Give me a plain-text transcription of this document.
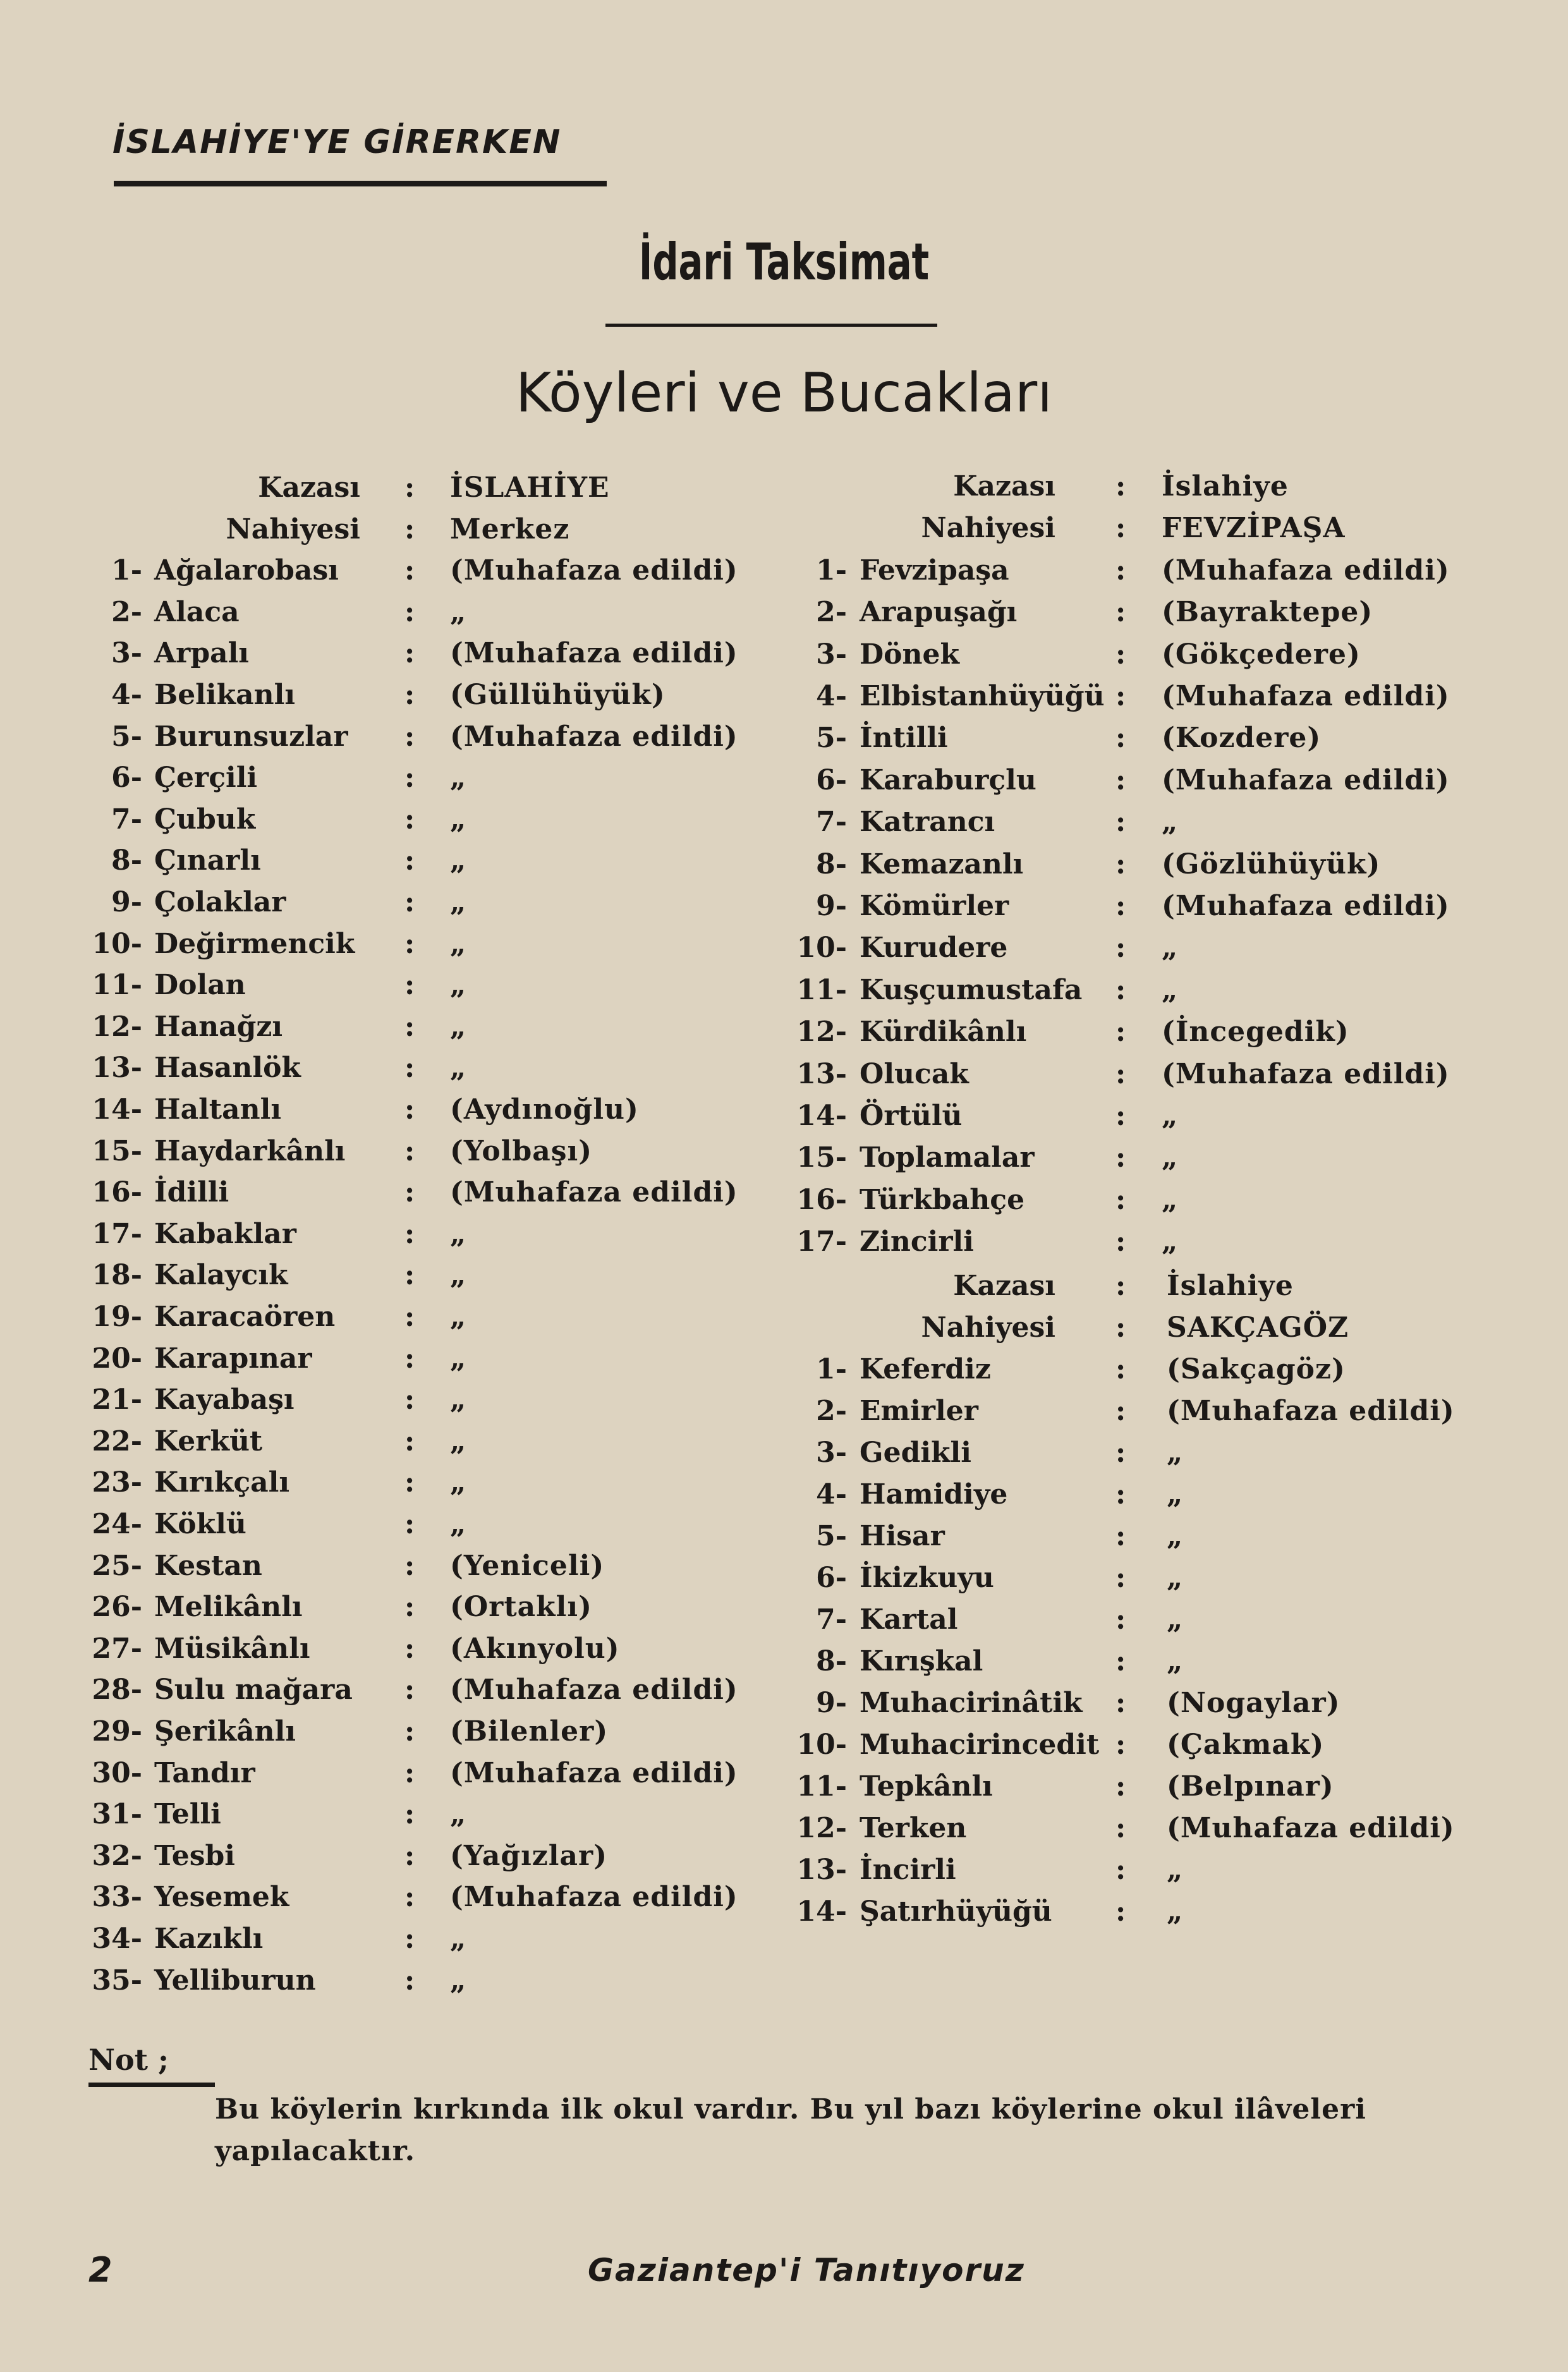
İSLAHİYE'YE GİRERKEN
İdari Taksimat
Köyleri ve Bucakları
Kazası : İSLAHİYE
Nahiyesi : Merkez
1- Ağalarobası : (Muhafaza edildi)
2- Alaca	: „
3- Arpalı	: (Muhafaza edildi)
4- Belikanlı	: (Güllühüyük)
5- Burunsuzlar : (Muhafaza edildi)
6- Çerçili	: „
7- Çubuk	: „
8- Çınarlı	: „
9- Çolaklar	: „
10- Değirmencik : „
11- Dolan	: „
12- Hanağzı	: „
13- Hasanlök	: „
14- Haltanlı	: (Aydınoğlu)
15- Haydarkânlı : (Yolbaşı)
16- İdilli	: (Muhafaza edildi)
17- Kabaklar	: „
18- Kalaycık	: „
19- Karacaören : „
20- Karapınar	: „
21- Kayabaşı	: „
22- Kerküt	: „
23- Kırıkçalı	: „
24- Köklü	: „
25- Kestan	: (Yeniceli)
26- Melikânlı	: (Ortaklı)
27- Müsikânlı	: (Akınyolu)
28- Sulu mağara : (Muhafaza edildi)
29- Şerikânlı	: (Bilenler)
30- Tandır	: (Muhafaza edildi)
31- Telli	: „
32- Tesbi	: (Yağızlar)
33- Yesemek	: (Muhafaza edildi)
34- Kazıklı	: „
35- Yelliburun	: „
Kazası : İslahiye
Nahiyesi : FEVZİPAŞA
1- Fevzipaşa	: (Muhafaza edildi)
2- Arapuşağı	: (Bayraktepe)
3- Dönek	: (Gökçedere)
4- Elbistanhüyüğü : (Muhafaza edildi)
5- İntilli	: (Kozdere)
6- Karaburçlu	: (Muhafaza edildi)
7- Katrancı	: „
8- Kemazanlı	: (Gözlühüyük)
9- Kömürler	: (Muhafaza edildi)
10- Kurudere	: „
11- Kuşçumustafa : „
12- Kürdikânlı	: (İncegedik)
13- Olucak	: (Muhafaza edildi)
14- Örtülü	: „
15- Toplamalar	: „
16- Türkbahçe	: „
17- Zincirli	: „
Kazası : İslahiye
Nahiyesi : SAKÇAGÖZ
1- Keferdiz	: (Sakçagöz)
2- Emirler	: (Muhafaza edildi)
3- Gedikli	: „
4- Hamidiye	: „
5- Hisar	: „
6- İkizkuyu	: „
7- Kartal	: „
8- Kırışkal	: „
9- Muhacirinâtik : (Nogaylar)
10- Muhacirincedit : (Çakmak)
11- Tepkânlı	: (Belpınar)
12- Terken	: (Muhafaza edildi)
13- İncirli	: „
14- Şatırhüyüğü : „
Not ;
Bu köylerin kırkında ilk okul vardır. Bu yıl bazı köylerine okul ilâveleri yapılacaktır.
2	Gaziantep'i Tanıtıyoruz
